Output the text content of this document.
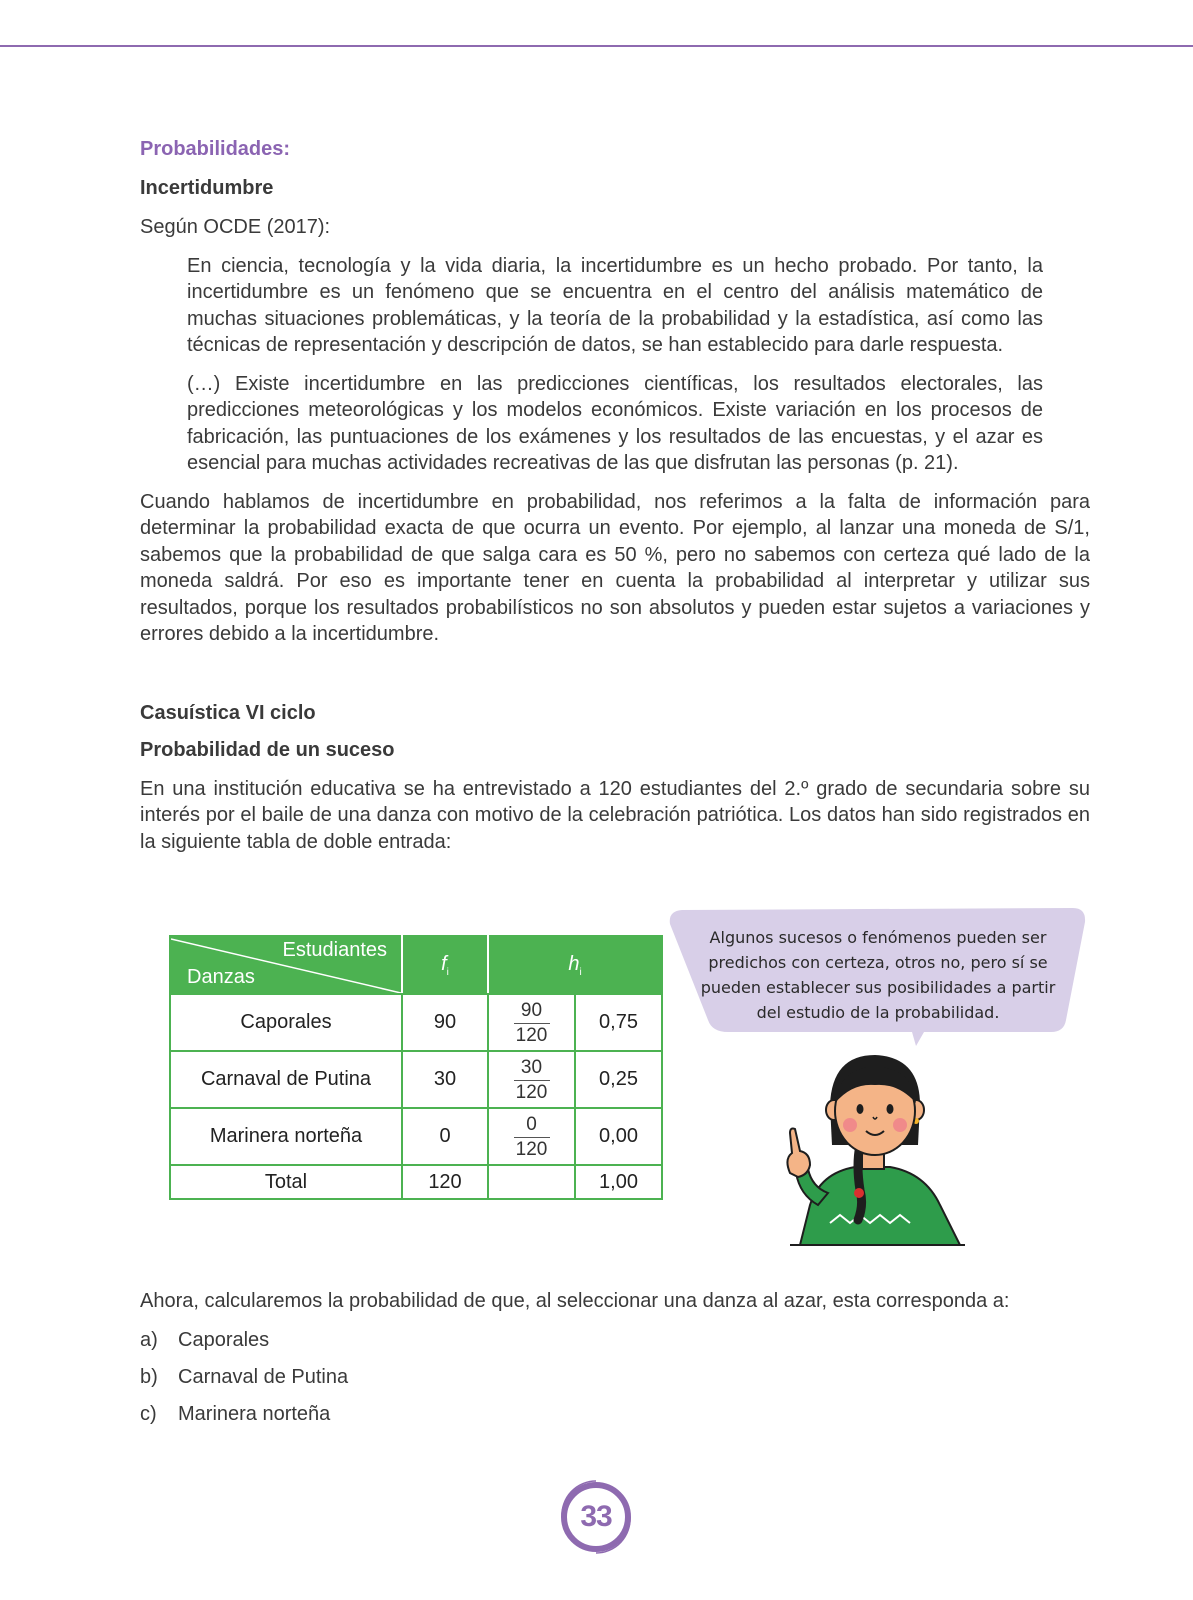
Probabilidades:
Incertidumbre
Según OCDE (2017):
En ciencia, tecnología y la vida diaria, la incertidumbre es un hecho probado. Por tanto, la incertidumbre es un fenómeno que se encuentra en el centro del análisis matemático de muchas situaciones problemáticas, y la teoría de la probabilidad y la estadística, así como las técnicas de representación y descripción de datos, se han establecido para darle respuesta.
(…) Existe incertidumbre en las predicciones científicas, los resultados electorales, las predicciones meteorológicas y los modelos económicos. Existe variación en los procesos de fabricación, las puntuaciones de los exámenes y los resultados de las encuestas, y el azar es esencial para muchas actividades recreativas de las que disfrutan las personas (p. 21).
Cuando hablamos de incertidumbre en probabilidad, nos referimos a la falta de información para determinar la probabilidad exacta de que ocurra un evento. Por ejemplo, al lanzar una moneda de S/1, sabemos que la probabilidad de que salga cara es 50 %, pero no sabemos con certeza qué lado de la moneda saldrá. Por eso es importante tener en cuenta la probabilidad al interpretar y utilizar sus resultados, porque los resultados probabilísticos no son absolutos y pueden estar sujetos a variaciones y errores debido a la incertidumbre.
Casuística VI ciclo
Probabilidad de un suceso
En una institución educativa se ha entrevistado a 120 estudiantes del 2.º grado de secundaria sobre su interés por el baile de una danza con motivo de la celebración patriótica. Los datos han sido registrados en la siguiente tabla de doble entrada:
Estudiantes
Danzas	$f_i$	$h_i$
Caporales	90	$\frac{90}{120}$	0,75
Carnaval de Putina	30	$\frac{30}{120}$	0,25
Marinera norteña	0	$\frac{0}{120}$	0,00
Total	120		1,00
Algunos sucesos o fenómenos pueden ser predichos con certeza, otros no, pero sí se pueden establecer sus posibilidades a partir del estudio de la probabilidad.
Ahora, calcularemos la probabilidad de que, al seleccionar una danza al azar, esta corresponda a:
a) Caporales
b) Carnaval de Putina
c) Marinera norteña
33
